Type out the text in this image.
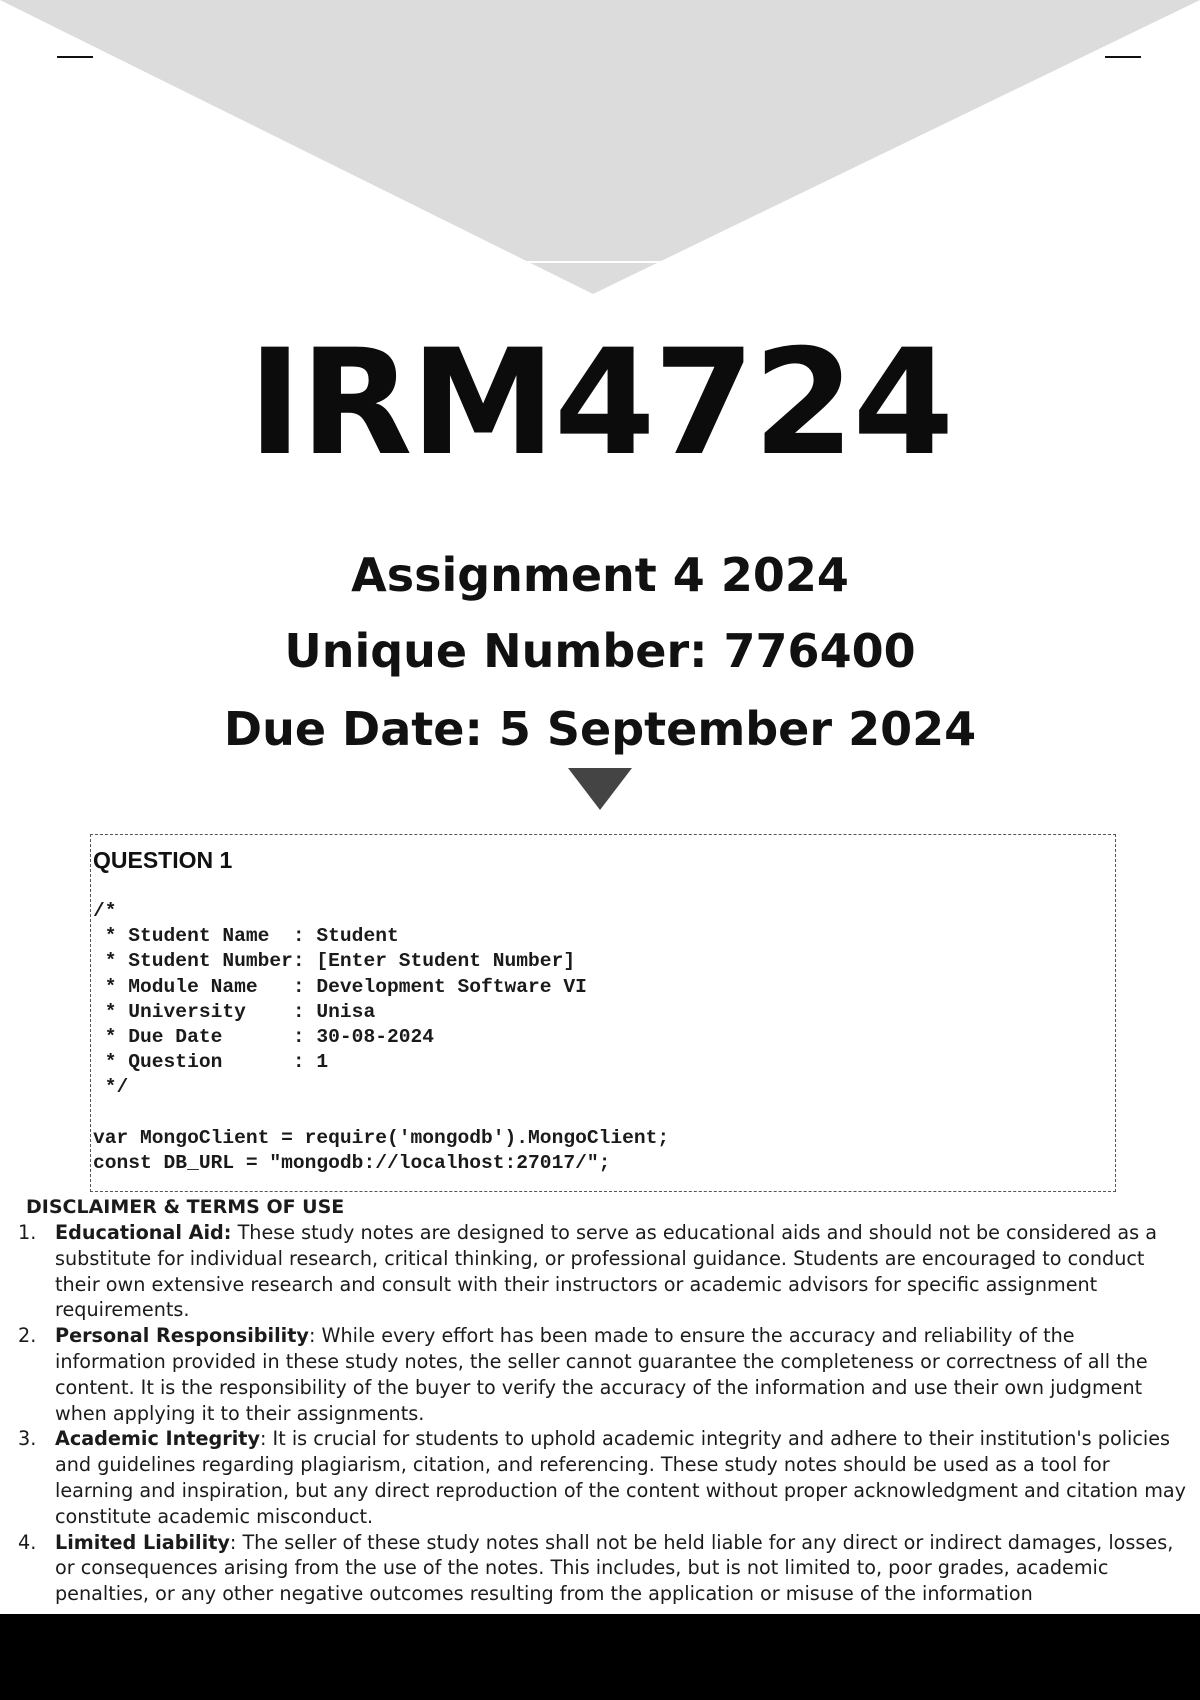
IRM4724
Assignment 4 2024
Unique Number: 776400
Due Date: 5 September 2024
QUESTION 1
/*
* Student Name  : Student
* Student Number: [Enter Student Number]
* Module Name   : Development Software VI
* University    : Unisa
* Due Date      : 30-08-2024
* Question      : 1
*/

var MongoClient = require('mongodb').MongoClient;
const DB_URL = "mongodb://localhost:27017/";
DISCLAIMER & TERMS OF USE
1. Educational Aid: These study notes are designed to serve as educational aids and should not be considered as a substitute for individual research, critical thinking, or professional guidance. Students are encouraged to conduct their own extensive research and consult with their instructors or academic advisors for specific assignment requirements.
2. Personal Responsibility: While every effort has been made to ensure the accuracy and reliability of the information provided in these study notes, the seller cannot guarantee the completeness or correctness of all the content. It is the responsibility of the buyer to verify the accuracy of the information and use their own judgment when applying it to their assignments.
3. Academic Integrity: It is crucial for students to uphold academic integrity and adhere to their institution's policies and guidelines regarding plagiarism, citation, and referencing. These study notes should be used as a tool for learning and inspiration, but any direct reproduction of the content without proper acknowledgment and citation may constitute academic misconduct.
4. Limited Liability: The seller of these study notes shall not be held liable for any direct or indirect damages, losses, or consequences arising from the use of the notes. This includes, but is not limited to, poor grades, academic penalties, or any other negative outcomes resulting from the application or misuse of the information
